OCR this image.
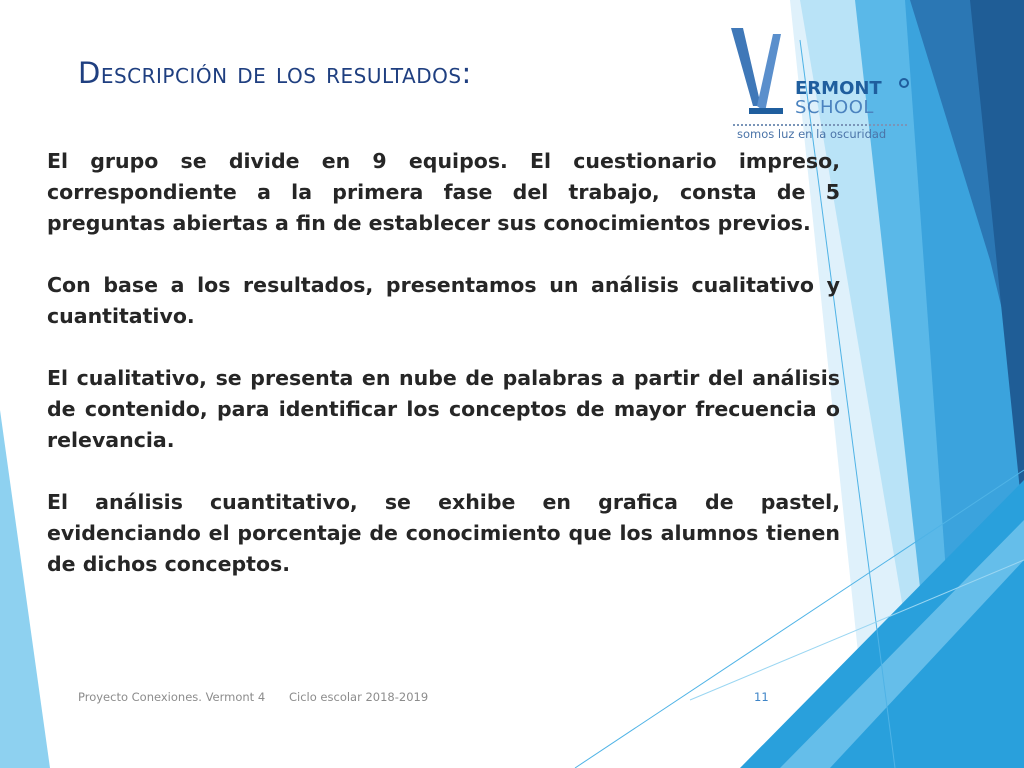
Descripción de los resultados:	ERMONT
SCHOOL
somos luz en la oscuridad

El grupo se divide en 9 equipos. El cuestionario impreso, correspondiente a la primera fase del trabajo, consta de 5 preguntas abiertas a fin de establecer sus conocimientos previos.

Con base a los resultados, presentamos un análisis cualitativo y cuantitativo.

El cualitativo, se presenta en nube de palabras a partir del análisis de contenido, para identificar los conceptos de mayor frecuencia o relevancia.

El análisis cuantitativo, se exhibe en grafica de pastel, evidenciando el porcentaje de conocimiento que los alumnos tienen de dichos conceptos.

Proyecto Conexiones. Vermont 4 Ciclo escolar 2018-2019	11
